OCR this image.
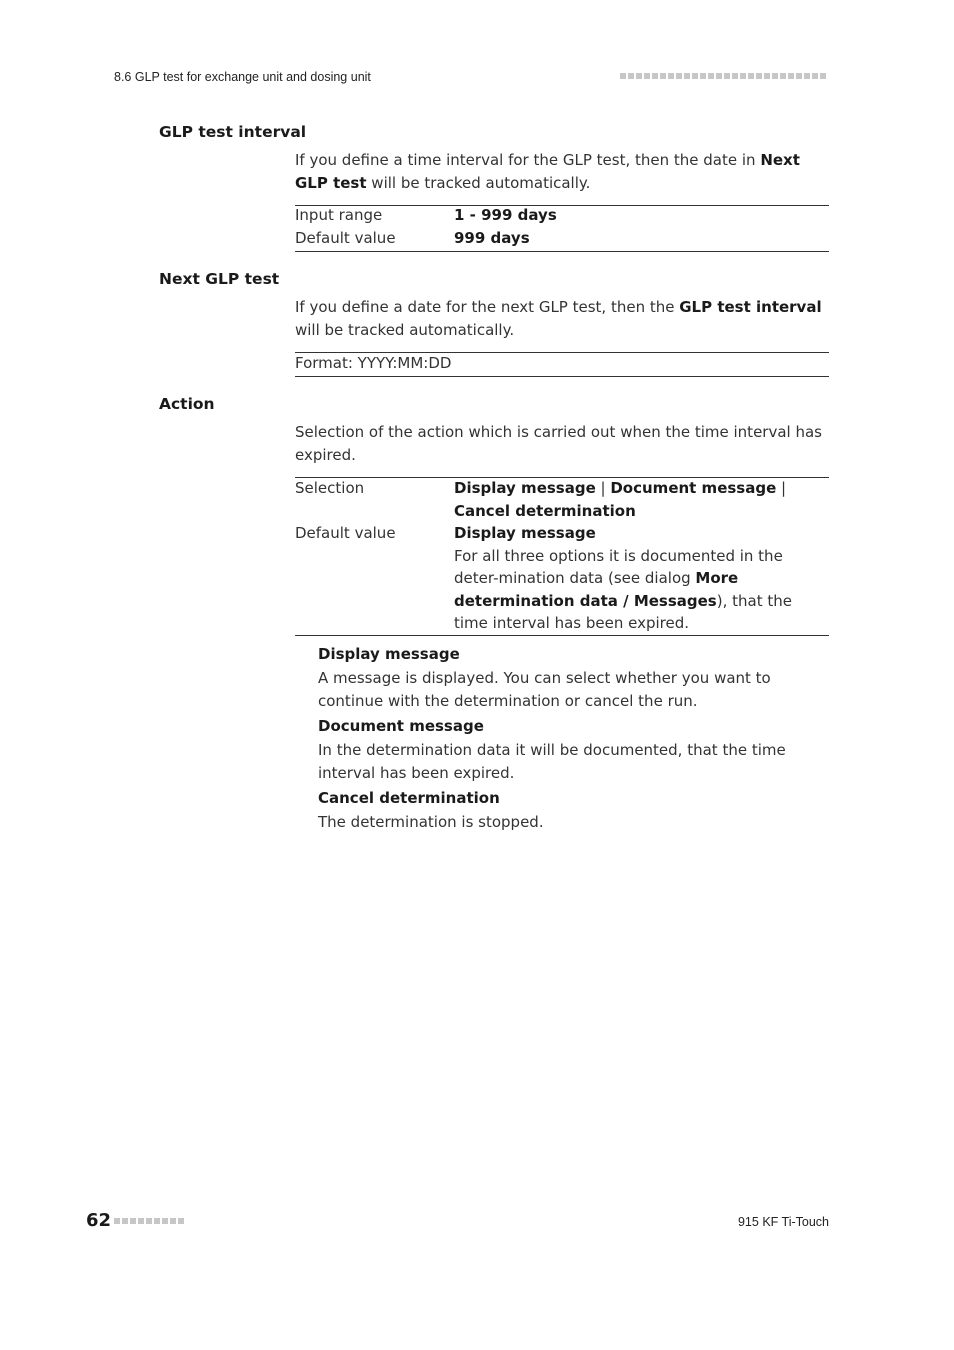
8.6 GLP test for exchange unit and dosing unit
GLP test interval
If you define a time interval for the GLP test, then the date in Next GLP test will be tracked automatically.
Input range	1 - 999 days
Default value	999 days
Next GLP test
If you define a date for the next GLP test, then the GLP test interval will be tracked automatically.
Format: YYYY:MM:DD
Action
Selection of the action which is carried out when the time interval has expired.
Selection	Display message | Document message | Cancel determination
Default value	Display message
For all three options it is documented in the deter-mination data (see dialog More determination data / Messages), that the time interval has been expired.
Display message
A message is displayed. You can select whether you want to continue with the determination or cancel the run.
Document message
In the determination data it will be documented, that the time interval has been expired.
Cancel determination
The determination is stopped.
62	915 KF Ti-Touch
